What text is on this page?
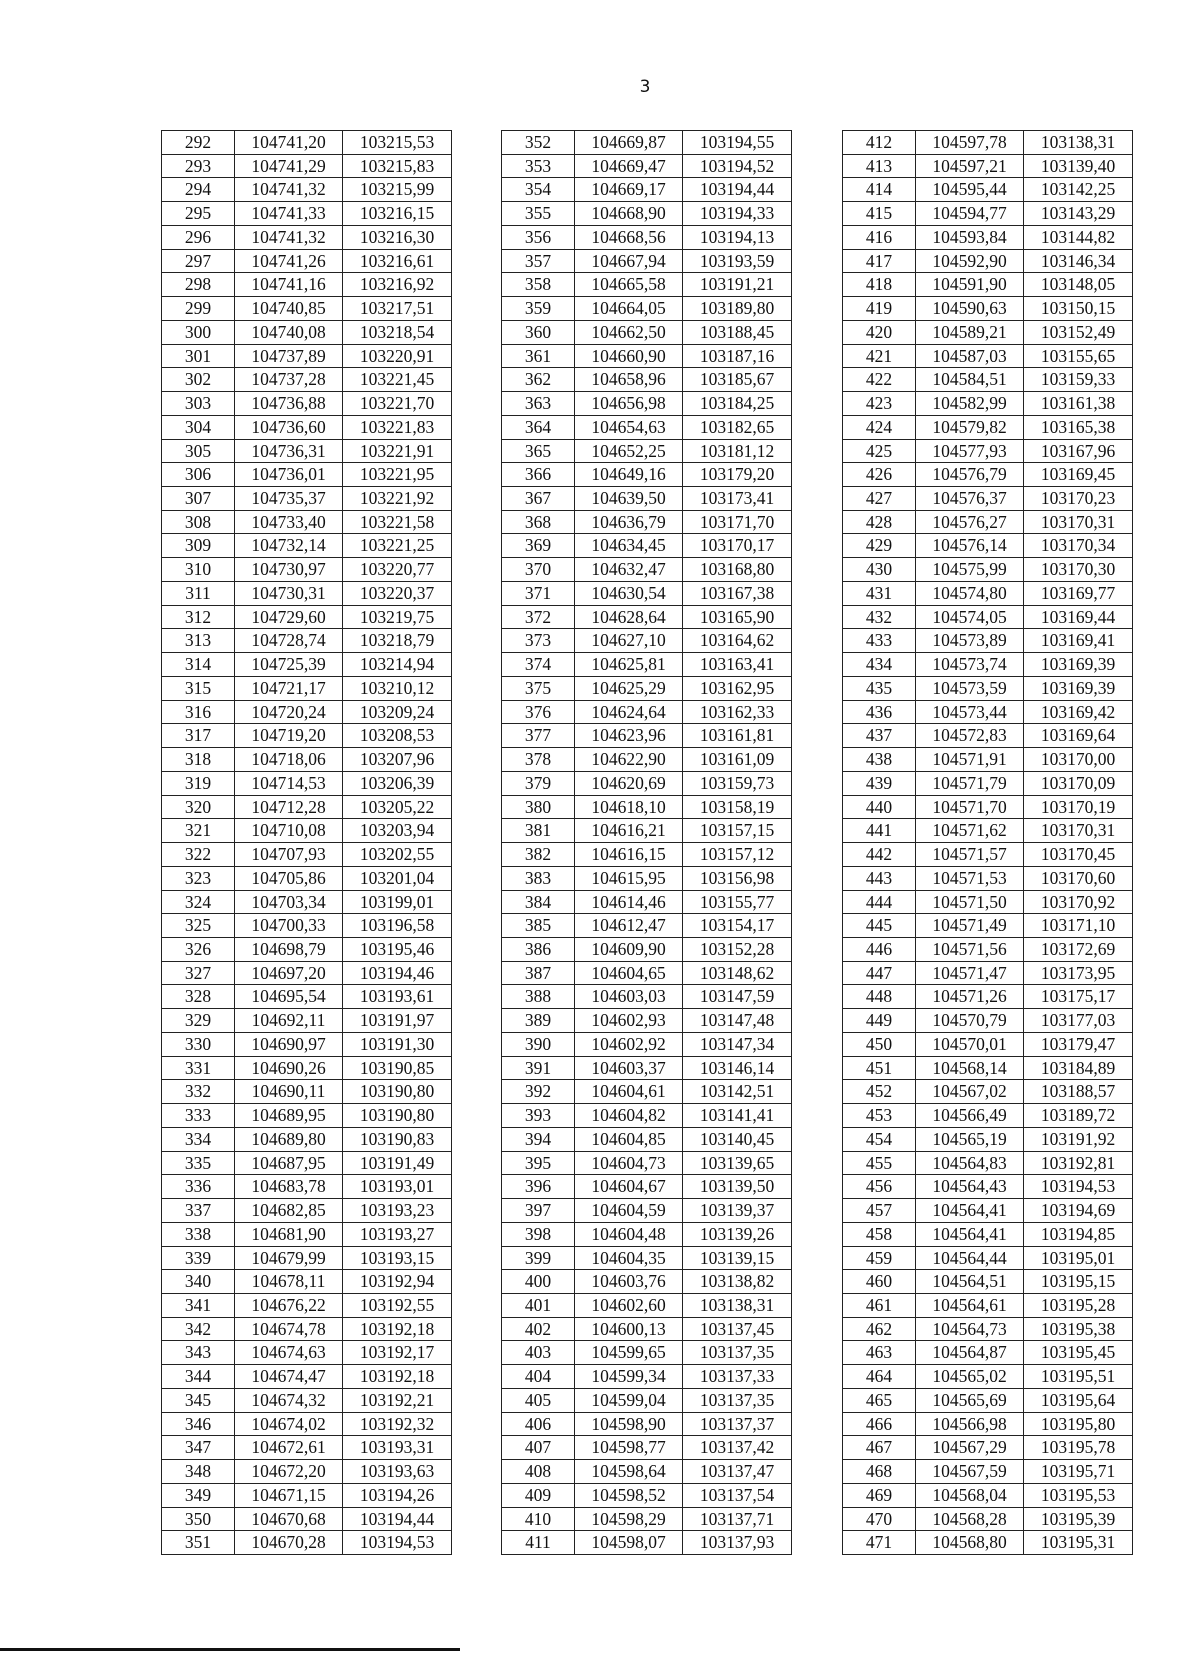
3
292	104741,20	103215,53
293	104741,29	103215,83
294	104741,32	103215,99
295	104741,33	103216,15
296	104741,32	103216,30
297	104741,26	103216,61
298	104741,16	103216,92
299	104740,85	103217,51
300	104740,08	103218,54
301	104737,89	103220,91
302	104737,28	103221,45
303	104736,88	103221,70
304	104736,60	103221,83
305	104736,31	103221,91
306	104736,01	103221,95
307	104735,37	103221,92
308	104733,40	103221,58
309	104732,14	103221,25
310	104730,97	103220,77
311	104730,31	103220,37
312	104729,60	103219,75
313	104728,74	103218,79
314	104725,39	103214,94
315	104721,17	103210,12
316	104720,24	103209,24
317	104719,20	103208,53
318	104718,06	103207,96
319	104714,53	103206,39
320	104712,28	103205,22
321	104710,08	103203,94
322	104707,93	103202,55
323	104705,86	103201,04
324	104703,34	103199,01
325	104700,33	103196,58
326	104698,79	103195,46
327	104697,20	103194,46
328	104695,54	103193,61
329	104692,11	103191,97
330	104690,97	103191,30
331	104690,26	103190,85
332	104690,11	103190,80
333	104689,95	103190,80
334	104689,80	103190,83
335	104687,95	103191,49
336	104683,78	103193,01
337	104682,85	103193,23
338	104681,90	103193,27
339	104679,99	103193,15
340	104678,11	103192,94
341	104676,22	103192,55
342	104674,78	103192,18
343	104674,63	103192,17
344	104674,47	103192,18
345	104674,32	103192,21
346	104674,02	103192,32
347	104672,61	103193,31
348	104672,20	103193,63
349	104671,15	103194,26
350	104670,68	103194,44
351	104670,28	103194,53
352	104669,87	103194,55
353	104669,47	103194,52
354	104669,17	103194,44
355	104668,90	103194,33
356	104668,56	103194,13
357	104667,94	103193,59
358	104665,58	103191,21
359	104664,05	103189,80
360	104662,50	103188,45
361	104660,90	103187,16
362	104658,96	103185,67
363	104656,98	103184,25
364	104654,63	103182,65
365	104652,25	103181,12
366	104649,16	103179,20
367	104639,50	103173,41
368	104636,79	103171,70
369	104634,45	103170,17
370	104632,47	103168,80
371	104630,54	103167,38
372	104628,64	103165,90
373	104627,10	103164,62
374	104625,81	103163,41
375	104625,29	103162,95
376	104624,64	103162,33
377	104623,96	103161,81
378	104622,90	103161,09
379	104620,69	103159,73
380	104618,10	103158,19
381	104616,21	103157,15
382	104616,15	103157,12
383	104615,95	103156,98
384	104614,46	103155,77
385	104612,47	103154,17
386	104609,90	103152,28
387	104604,65	103148,62
388	104603,03	103147,59
389	104602,93	103147,48
390	104602,92	103147,34
391	104603,37	103146,14
392	104604,61	103142,51
393	104604,82	103141,41
394	104604,85	103140,45
395	104604,73	103139,65
396	104604,67	103139,50
397	104604,59	103139,37
398	104604,48	103139,26
399	104604,35	103139,15
400	104603,76	103138,82
401	104602,60	103138,31
402	104600,13	103137,45
403	104599,65	103137,35
404	104599,34	103137,33
405	104599,04	103137,35
406	104598,90	103137,37
407	104598,77	103137,42
408	104598,64	103137,47
409	104598,52	103137,54
410	104598,29	103137,71
411	104598,07	103137,93
412	104597,78	103138,31
413	104597,21	103139,40
414	104595,44	103142,25
415	104594,77	103143,29
416	104593,84	103144,82
417	104592,90	103146,34
418	104591,90	103148,05
419	104590,63	103150,15
420	104589,21	103152,49
421	104587,03	103155,65
422	104584,51	103159,33
423	104582,99	103161,38
424	104579,82	103165,38
425	104577,93	103167,96
426	104576,79	103169,45
427	104576,37	103170,23
428	104576,27	103170,31
429	104576,14	103170,34
430	104575,99	103170,30
431	104574,80	103169,77
432	104574,05	103169,44
433	104573,89	103169,41
434	104573,74	103169,39
435	104573,59	103169,39
436	104573,44	103169,42
437	104572,83	103169,64
438	104571,91	103170,00
439	104571,79	103170,09
440	104571,70	103170,19
441	104571,62	103170,31
442	104571,57	103170,45
443	104571,53	103170,60
444	104571,50	103170,92
445	104571,49	103171,10
446	104571,56	103172,69
447	104571,47	103173,95
448	104571,26	103175,17
449	104570,79	103177,03
450	104570,01	103179,47
451	104568,14	103184,89
452	104567,02	103188,57
453	104566,49	103189,72
454	104565,19	103191,92
455	104564,83	103192,81
456	104564,43	103194,53
457	104564,41	103194,69
458	104564,41	103194,85
459	104564,44	103195,01
460	104564,51	103195,15
461	104564,61	103195,28
462	104564,73	103195,38
463	104564,87	103195,45
464	104565,02	103195,51
465	104565,69	103195,64
466	104566,98	103195,80
467	104567,29	103195,78
468	104567,59	103195,71
469	104568,04	103195,53
470	104568,28	103195,39
471	104568,80	103195,31
